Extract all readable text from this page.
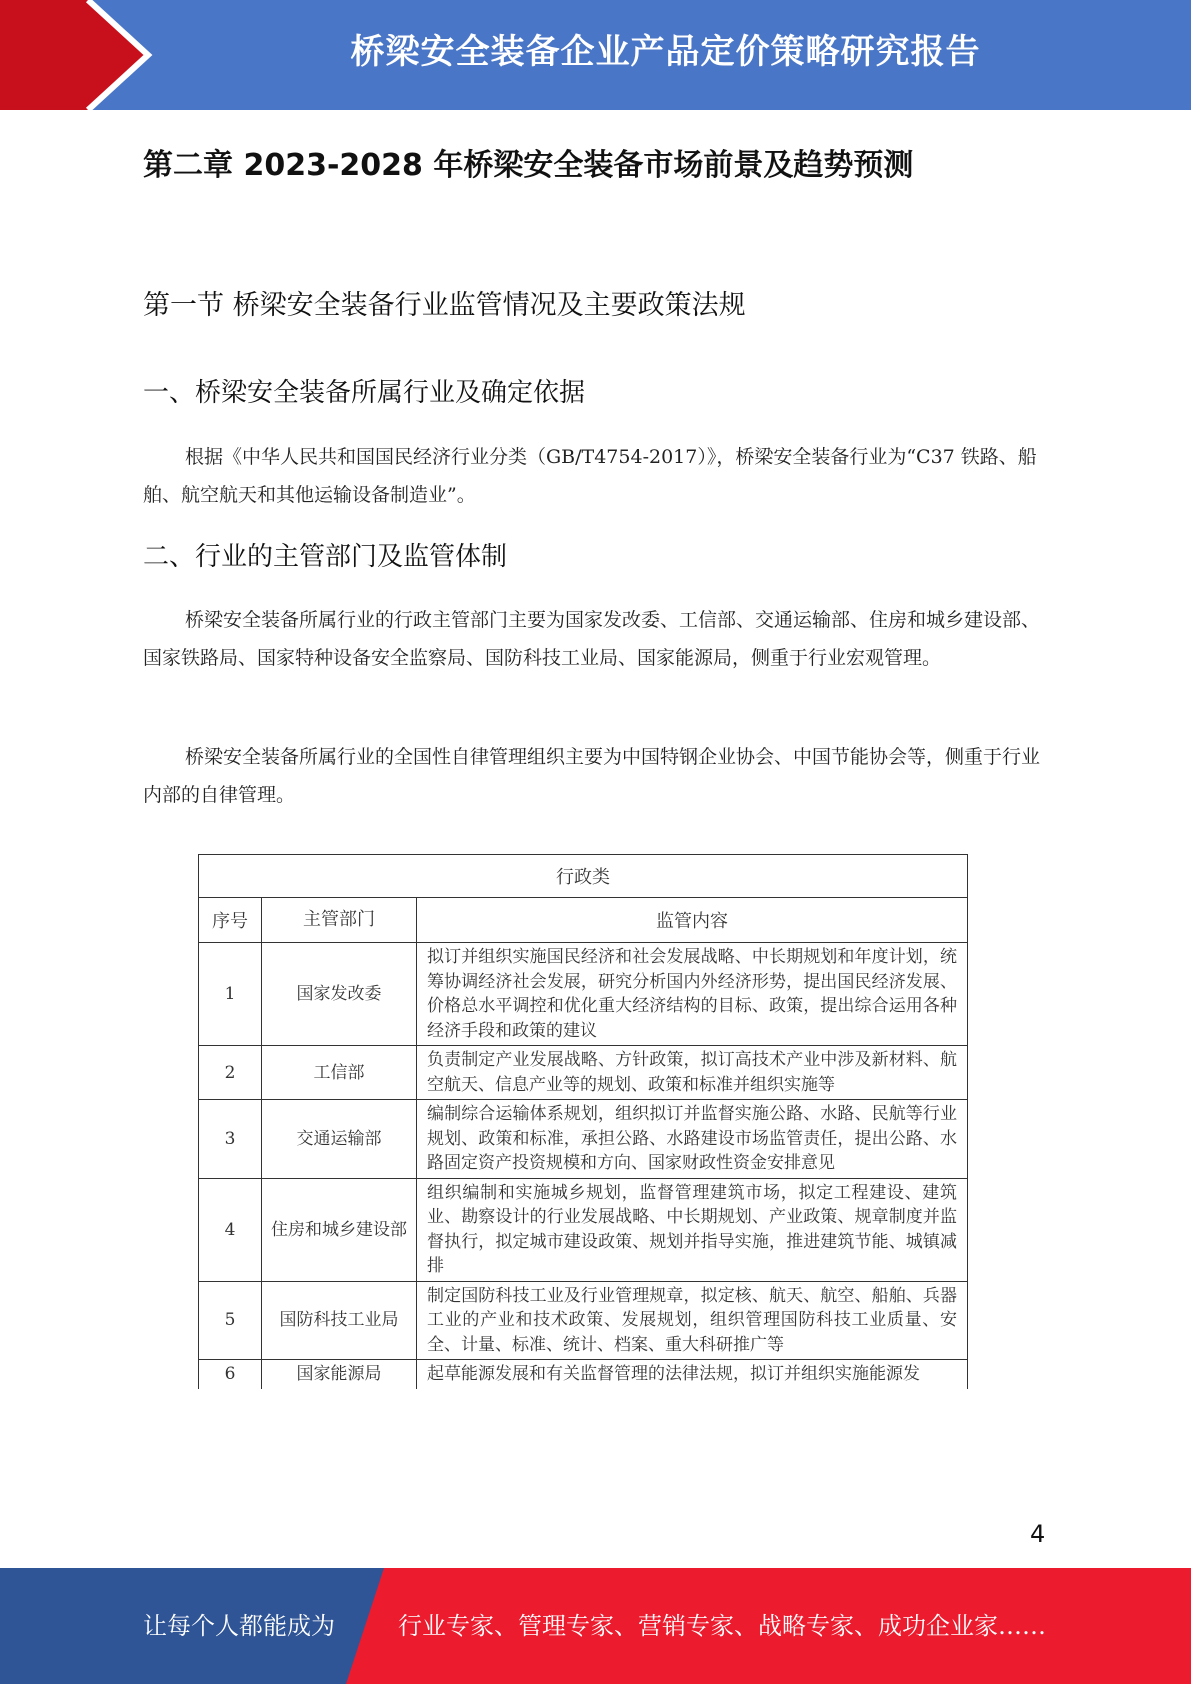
桥梁安全装备企业产品定价策略研究报告
第二章 2023-2028 年桥梁安全装备市场前景及趋势预测
第一节 桥梁安全装备行业监管情况及主要政策法规
一、桥梁安全装备所属行业及确定依据
根据《中华人民共和国国民经济行业分类（GB/T4754-2017）》，桥梁安全装备行业为“C37 铁路、船舶、航空航天和其他运输设备制造业”。
二、行业的主管部门及监管体制
桥梁安全装备所属行业的行政主管部门主要为国家发改委、工信部、交通运输部、住房和城乡建设部、国家铁路局、国家特种设备安全监察局、国防科技工业局、国家能源局，侧重于行业宏观管理。
桥梁安全装备所属行业的全国性自律管理组织主要为中国特钢企业协会、中国节能协会等，侧重于行业内部的自律管理。
行政类		
序号	主管部门	监管内容
1	国家发改委	拟订并组织实施国民经济和社会发展战略、中长期规划和年度计划，统筹协调经济社会发展，研究分析国内外经济形势，提出国民经济发展、价格总水平调控和优化重大经济结构的目标、政策，提出综合运用各种经济手段和政策的建议
2	工信部	负责制定产业发展战略、方针政策，拟订高技术产业中涉及新材料、航空航天、信息产业等的规划、政策和标准并组织实施等
3	交通运输部	编制综合运输体系规划，组织拟订并监督实施公路、水路、民航等行业规划、政策和标准，承担公路、水路建设市场监管责任，提出公路、水路固定资产投资规模和方向、国家财政性资金安排意见
4	住房和城乡建设部	组织编制和实施城乡规划，监督管理建筑市场，拟定工程建设、建筑业、勘察设计的行业发展战略、中长期规划、产业政策、规章制度并监督执行，拟定城市建设政策、规划并指导实施，推进建筑节能、城镇减排
5	国防科技工业局	制定国防科技工业及行业管理规章，拟定核、航天、航空、船舶、兵器工业的产业和技术政策、发展规划，组织管理国防科技工业质量、安全、计量、标准、统计、档案、重大科研推广等
6	国家能源局	起草能源发展和有关监督管理的法律法规，拟订并组织实施能源发
4
让每个人都能成为	行业专家、管理专家、营销专家、战略专家、成功企业家……
